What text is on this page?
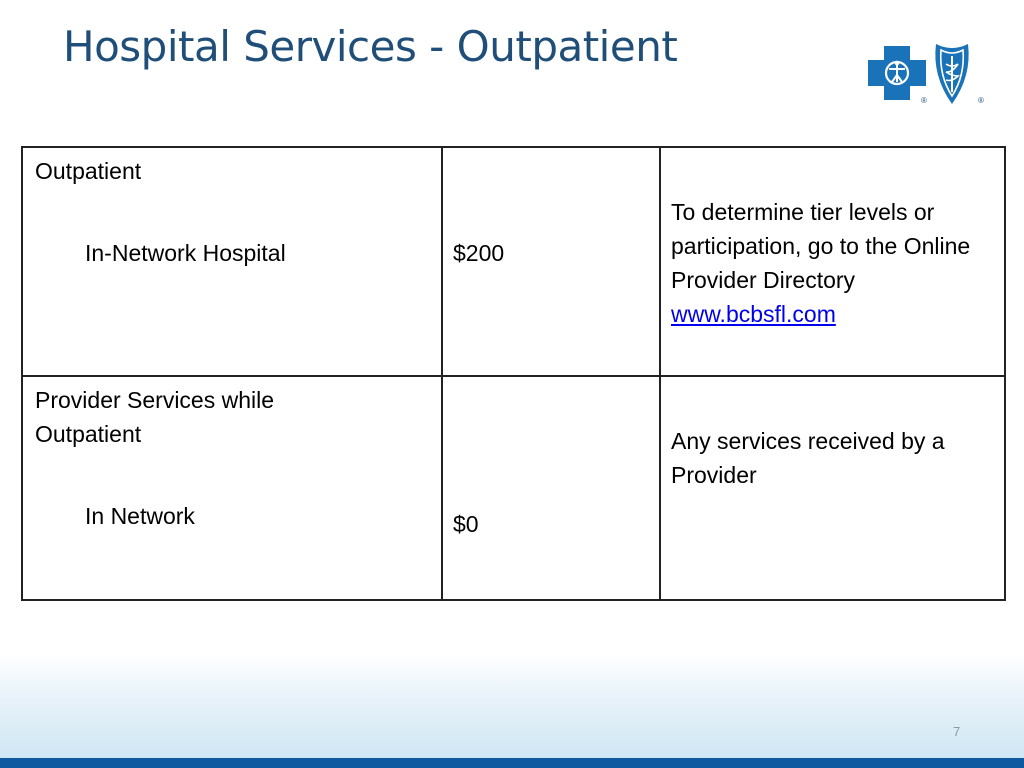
Hospital Services - Outpatient
®	®
Outpatient
In-Network Hospital	$200	To determine tier levels or participation, go to the Online Provider Directory
www.bcbsfl.com

Provider Services while Outpatient
In Network	$0	Any services received by a Provider
7
